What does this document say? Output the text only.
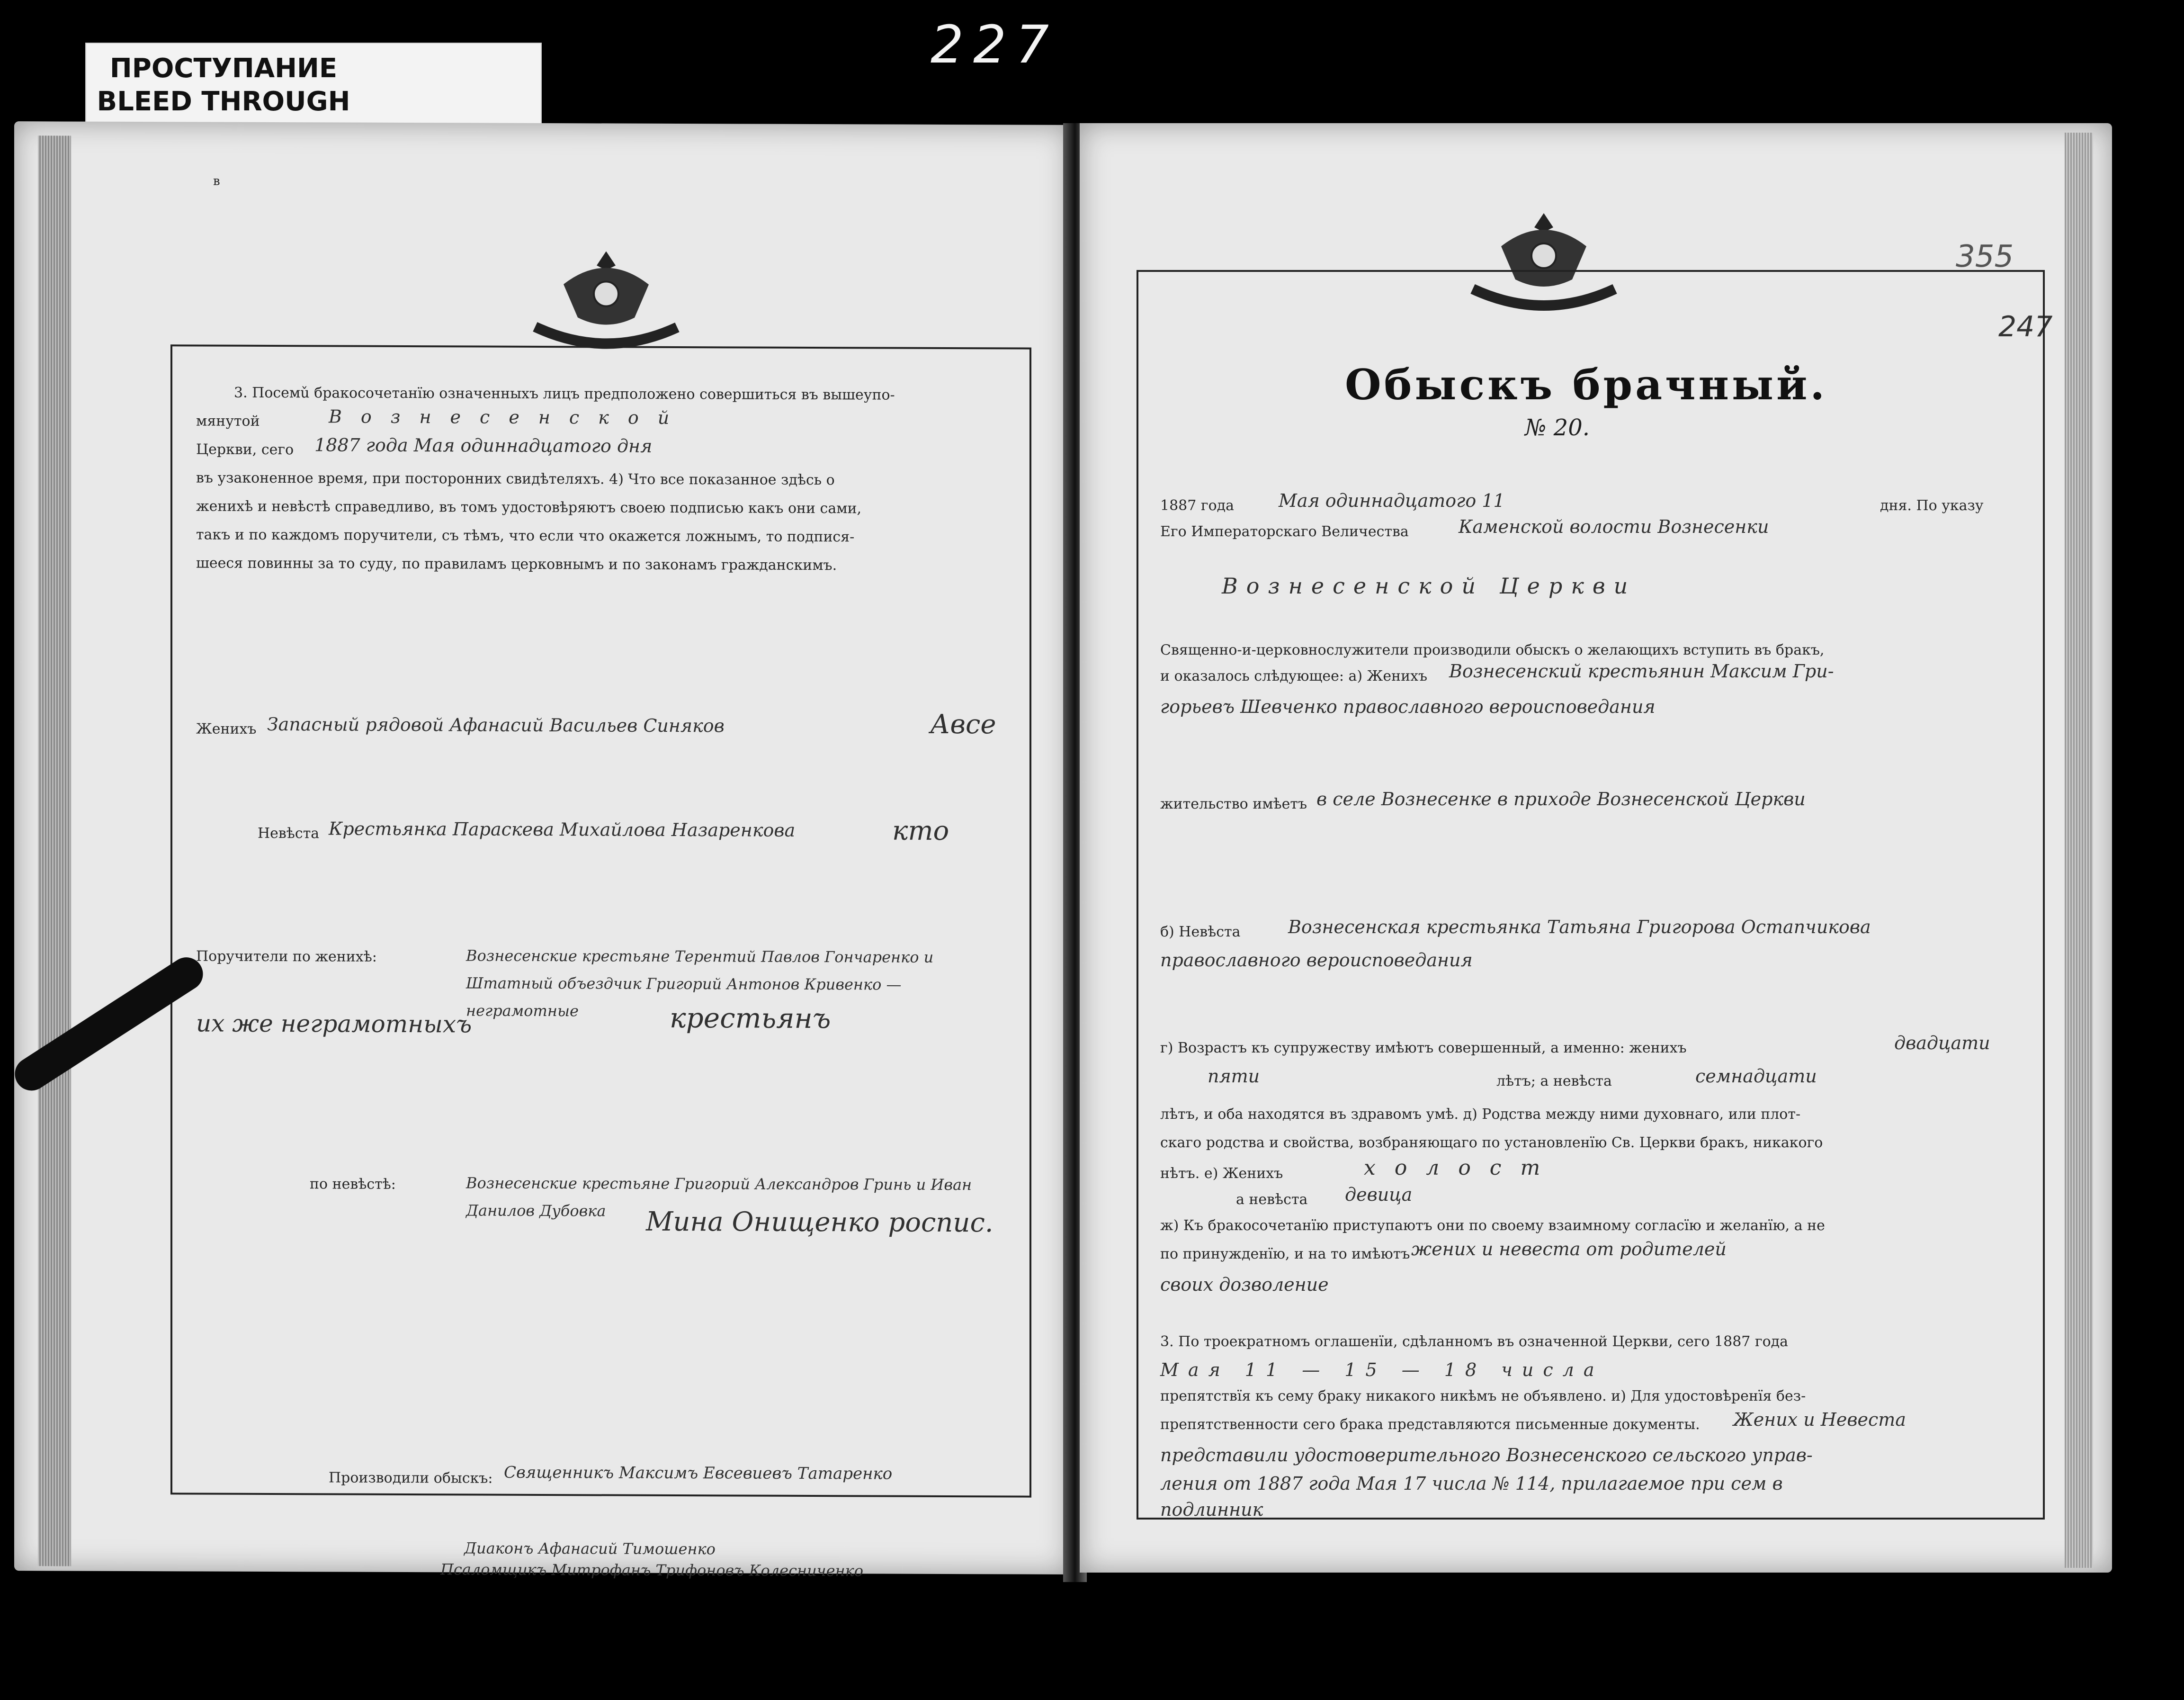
227
ПРОСТУПАНИЕ
BLEED THROUGH
в
3. Посемǔ бракосочетанïю означенныхъ лицъ предположено совершиться въ вышеупо-
мянутой	Вознесенской
Церкви, сего 1887 года Мая одиннадцатого дня
въ узаконенное время, при посторонних свидѣтеляхъ. 4) Что все показанное здѣсь о
женихѣ и невѣстѣ справедливо, въ томъ удостовѣряютъ своею подписью какъ они сами,
такъ и по каждомъ поручители, съ тѣмъ, что если что окажется ложнымъ, то подпися-
шееся повинны за то суду, по правиламъ церковнымъ и по законамъ гражданскимъ.
Женихъ Запасный рядовой Афанасий Васильев Синяков	Авсе
Невѣста Крестьянка Параскева Михайлова Назаренкова	кто
Поручители по женихѣ:	Вознесенские крестьяне Терентий Павлов Гончаренко и Штатный объездчик Григорий Антонов Кривенко — неграмотные
их же неграмотныхъ	крестьянъ
по невѣстѣ:	Вознесенские крестьяне Григорий Александров Гринь и Иван Данилов Дубовка	Мина Онищенко роспис.
Производили обыскъ: Священникъ Максимъ Евсевиевъ Татаренко
Диаконъ Афанасий Тимошенко
Псаломщикъ Митрофанъ Трифоновъ Колесниченко

355
247
Обыскъ брачный.
№ 20.
1887 года Мая одиннадцатого 11	дня. По указу
Его Императорскаго Величества	Каменской волости Вознесенки
Вознесенской Церкви
Священно-и-церковнослужители производили обыскъ о желающихъ вступить въ бракъ,
и оказалось слѣдующее: а) Женихъ Вознесенский крестьянин Максим Гри-
горьевъ Шевченко православного вероисповедания
жительство имѣетъ в селе Вознесенке в приходе Вознесенской Церкви
б) Невѣста	Вознесенская крестьянка Татьяна Григорова Остапчикова
православного вероисповедания
г) Возрастъ къ супружеству имѣютъ совершенный, а именно: женихъ	двадцати
пяти	лѣтъ; а невѣста	семнадцати
лѣтъ, и оба находятся въ здравомъ умѣ. д) Родства между ними духовнаго, или плот-
скаго родства и свойства, возбраняющаго по установленïю Св. Церкви бракъ, никакого
нѣтъ. е) Женихъ	холост
а невѣста девица
ж) Къ бракосочетанïю приступаютъ они по своему взаимному согласïю и желанïю, а не
по принужденïю, и на то имѣютъ жених и невеста от родителей
своих дозволение
3. По троекратномъ оглашенïи, сдѣланномъ въ означенной Церкви, сего 1887 года
Мая 11 — 15 — 18 числа
препятствïя къ сему браку никакого никѣмъ не объявлено. и) Для удостовѣренïя без-
препятственности сего брака представляются письменные документы. Жених и Невеста
представили удостоверительного Вознесенского сельского управ-
ления от 1887 года Мая 17 числа № 114, прилагаемое при сем в
подлинник
